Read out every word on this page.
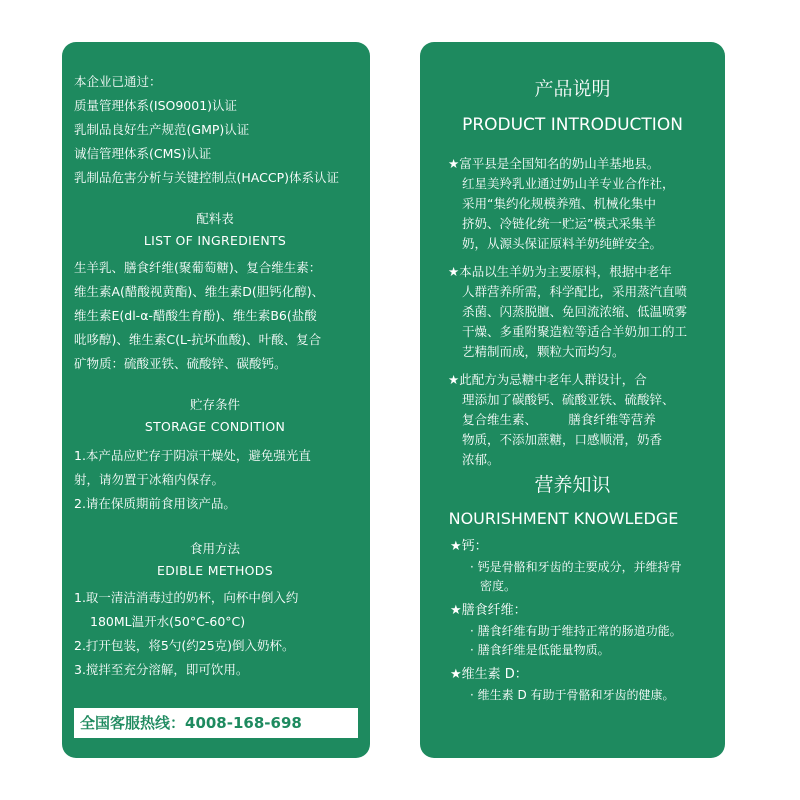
本企业已通过：
质量管理体系(ISO9001)认证
乳制品良好生产规范(GMP)认证
诚信管理体系(CMS)认证
乳制品危害分析与关键控制点(HACCP)体系认证
配料表
LIST OF INGREDIENTS
生羊乳、膳食纤维(聚葡萄糖)、复合维生素：
维生素A(醋酸视黄酯)、维生素D(胆钙化醇)、
维生素E(dl-α-醋酸生育酚)、维生素B6(盐酸
吡哆醇)、维生素C(L-抗坏血酸)、叶酸、复合
矿物质：硫酸亚铁、硫酸锌、碳酸钙。
贮存条件
STORAGE CONDITION
1.本产品应贮存于阴凉干燥处，避免强光直
射，请勿置于冰箱内保存。
2.请在保质期前食用该产品。
食用方法
EDIBLE METHODS
1.取一清洁消毒过的奶杯，向杯中倒入约
180ML温开水(50°C-60°C)
2.打开包装，将5勺(约25克)倒入奶杯。
3.搅拌至充分溶解，即可饮用。
全国客服热线：4008-168-698
产品说明
PRODUCT INTRODUCTION
★富平县是全国知名的奶山羊基地县。
红星美羚乳业通过奶山羊专业合作社，
采用“集约化规模养殖、机械化集中
挤奶、冷链化统一贮运”模式采集羊
奶，从源头保证原料羊奶纯鲜安全。
★本品以生羊奶为主要原料，根据中老年
人群营养所需，科学配比，采用蒸汽直喷
杀菌、闪蒸脱膻、免回流浓缩、低温喷雾
干燥、多重附聚造粒等适合羊奶加工的工
艺精制而成，颗粒大而均匀。
★此配方为忌糖中老年人群设计，合
理添加了碳酸钙、硫酸亚铁、硫酸锌、
复合维生素、　　　膳食纤维等营养
物质，不添加蔗糖，口感顺滑，奶香
浓郁。
营养知识
NOURISHMENT KNOWLEDGE
★钙：
· 钙是骨骼和牙齿的主要成分，并维持骨
密度。
★膳食纤维：
· 膳食纤维有助于维持正常的肠道功能。
· 膳食纤维是低能量物质。
★维生素 D：
· 维生素 D 有助于骨骼和牙齿的健康。
